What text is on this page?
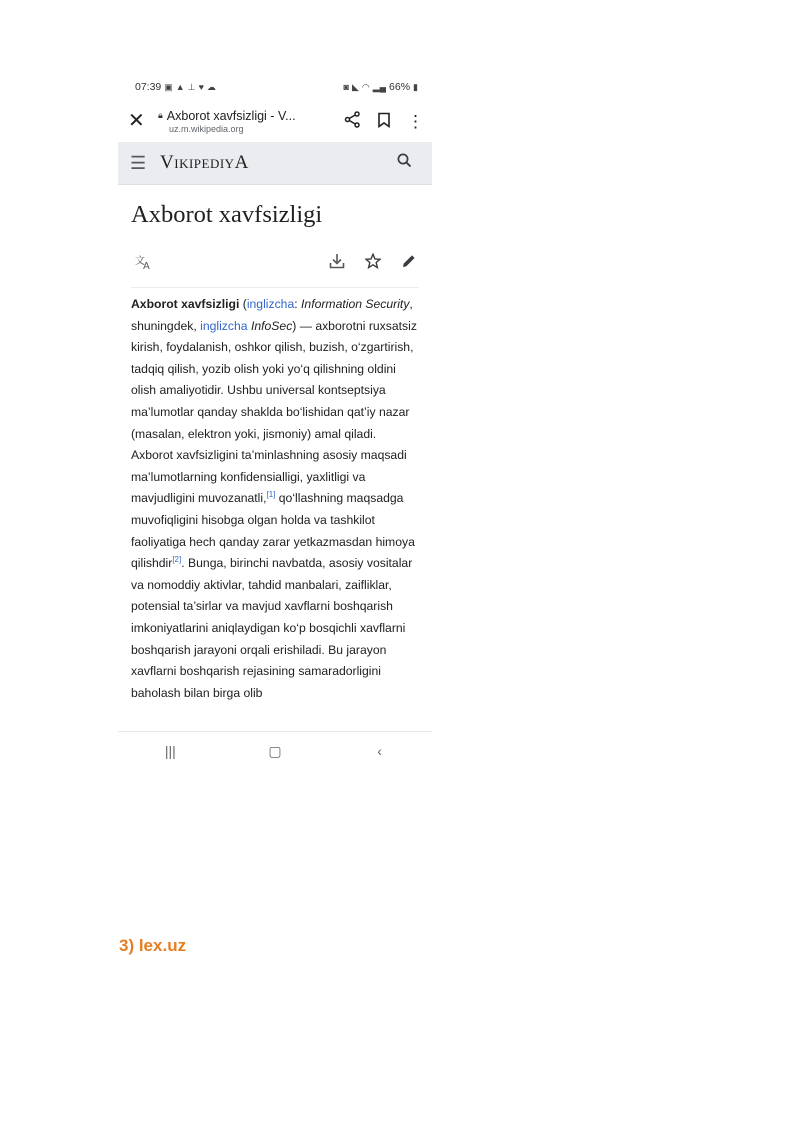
07:39 ▣ ▲ ⊥ ♥ ☁	◙ ◣ ◠ ▂▄ 66% ▮
✕	🔒︎ Axborot xavfsizligi - V...
uz.m.wikipedia.org	⋮
☰ VikipediyA
Axborot xavfsizligi
文
A
Axborot xavfsizligi (inglizcha: Information Security, shuningdek, inglizcha InfoSec) — axborotni ruxsatsiz kirish, foydalanish, oshkor qilish, buzish, o‘zgartirish, tadqiq qilish, yozib olish yoki yo‘q qilishning oldini olish amaliyotidir. Ushbu universal kontseptsiya ma’lumotlar qanday shaklda bo‘lishidan qat’iy nazar (masalan, elektron yoki, jismoniy) amal qiladi. Axborot xavfsizligini ta’minlashning asosiy maqsadi ma’lumotlarning konfidensialligi, yaxlitligi va mavjudligini muvozanatli,[1] qo‘llashning maqsadga muvofiqligini hisobga olgan holda va tashkilot faoliyatiga hech qanday zarar yetkazmasdan himoya qilishdir[2]. Bunga, birinchi navbatda, asosiy vositalar va nomoddiy aktivlar, tahdid manbalari, zaifliklar, potensial ta’sirlar va mavjud xavflarni boshqarish imkoniyatlarini aniqlaydigan ko‘p bosqichli xavflarni boshqarish jarayoni orqali erishiladi. Bu jarayon xavflarni boshqarish rejasining samaradorligini baholash bilan birga olib
|||	▢	‹
3) lex.uz
